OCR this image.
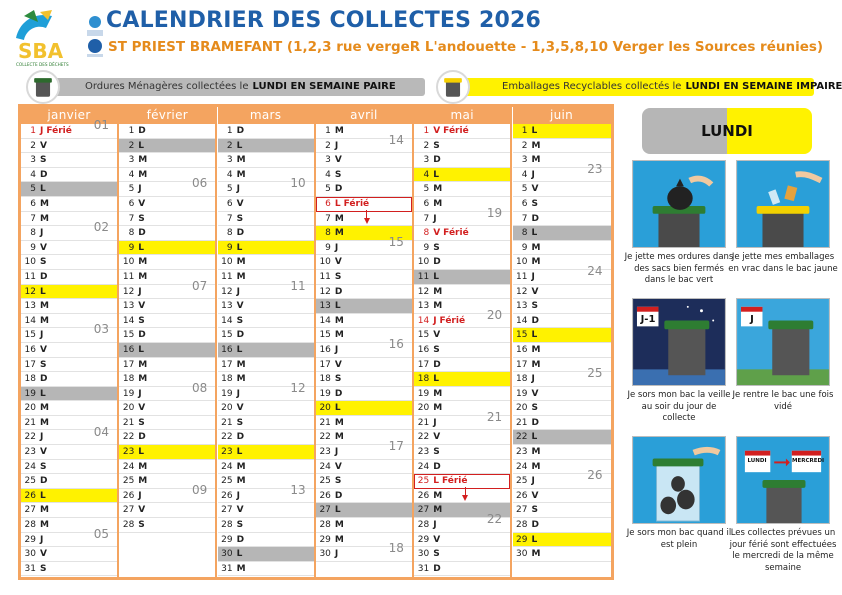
SBA
COLLECTE DES DÉCHETS
CALENDRIER DES COLLECTES 2026
ST PRIEST BRAMEFANT (1,2,3 rue vergeR L'andouette - 1,3,5,8,10 Verger les Sources réunies)
Ordures Ménagères collectées le LUNDI EN SEMAINE PAIRE	Emballages Recyclables collectés le LUNDI EN SEMAINE IMPAIRE
janvier
1 J Férié
2 V
3 S
4 D
5 L
6 M
7 M
8 J
9 V
10 S
11 D
12 L
13 M
14 M
15 J
16 V
17 S
18 D
19 L
20 M
21 M
22 J
23 V
24 S
25 D
26 L
27 M
28 M
29 J
30 V
31 S
01
02
03
04
05
février
1 D
2 L
3 M
4 M
5 J
6 V
7 S
8 D
9 L
10 M
11 M
12 J
13 V
14 S
15 D
16 L
17 M
18 M
19 J
20 V
21 S
22 D
23 L
24 M
25 M
26 J
27 V
28 S
06
07
08
09
mars
1 D
2 L
3 M
4 M
5 J
6 V
7 S
8 D
9 L
10 M
11 M
12 J
13 V
14 S
15 D
16 L
17 M
18 M
19 J
20 V
21 S
22 D
23 L
24 M
25 M
26 J
27 V
28 S
29 D
30 L
31 M
10
11
12
13
avril
1 M
2 J
3 V
4 S
5 D
6 L Férié
7 M
8 M
9 J
10 V
11 S
12 D
13 L
14 M
15 M
16 J
17 V
18 S
19 D
20 L
21 M
22 M
23 J
24 V
25 S
26 D
27 L
28 M
29 M
30 J
14
15
16
17
18
mai
1 V Férié
2 S
3 D
4 L
5 M
6 M
7 J
8 V Férié
9 S
10 D
11 L
12 M
13 M
14 J Férié
15 V
16 S
17 D
18 L
19 M
20 M
21 J
22 V
23 S
24 D
25 L Férié
26 M
27 M
28 J
29 V
30 S
31 D
19
20
21
22
juin
1 L
2 M
3 M
4 J
5 V
6 S
7 D
8 L
9 M
10 M
11 J
12 V
13 S
14 D
15 L
16 M
17 M
18 J
19 V
20 S
21 D
22 L
23 M
24 M
25 J
26 V
27 S
28 D
29 L
30 M
23
24
25
26
LUNDI
Je jette mes ordures dans des sacs bien fermés dans le bac vert
Je jette mes emballages en vrac dans le bac jaune
J-1
Je sors mon bac la veille au soir du jour de collecte
J
Je rentre le bac une fois vidé
Je sors mon bac quand il est plein
LUNDI	MERCREDI
Les collectes prévues un jour férié sont effectuées le mercredi de la même semaine
